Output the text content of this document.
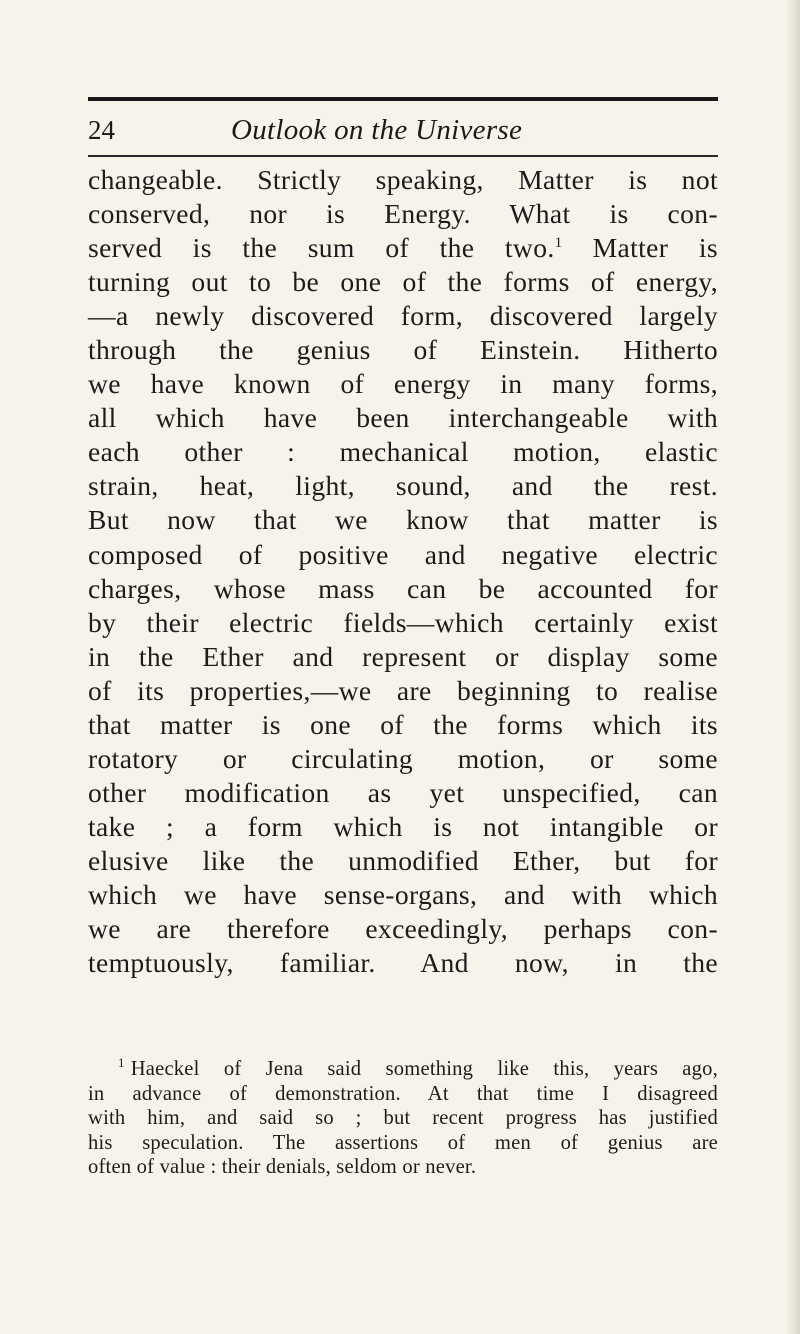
24	Outlook on the Universe
changeable. Strictly speaking, Matter is not
conserved, nor is Energy. What is con-
served is the sum of the two.$^1$ Matter is
turning out to be one of the forms of energy,
—a newly discovered form, discovered largely
through the genius of Einstein. Hitherto
we have known of energy in many forms,
all which have been interchangeable with
each other : mechanical motion, elastic
strain, heat, light, sound, and the rest.
But now that we know that matter is
composed of positive and negative electric
charges, whose mass can be accounted for
by their electric fields—which certainly exist
in the Ether and represent or display some
of its properties,—we are beginning to realise
that matter is one of the forms which its
rotatory or circulating motion, or some
other modification as yet unspecified, can
take ; a form which is not intangible or
elusive like the unmodified Ether, but for
which we have sense-organs, and with which
we are therefore exceedingly, perhaps con-
temptuously, familiar. And now, in the
$^1$ Haeckel of Jena said something like this, years ago,
in advance of demonstration. At that time I disagreed
with him, and said so ; but recent progress has justified
his speculation. The assertions of men of genius are
often of value : their denials, seldom or never.
